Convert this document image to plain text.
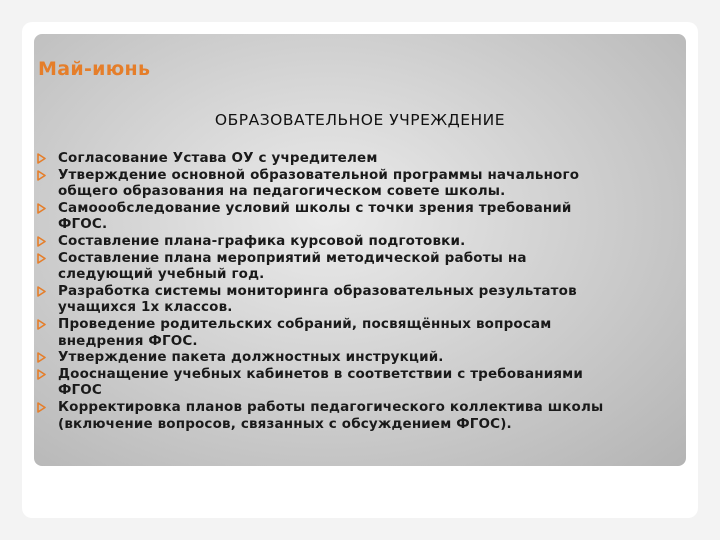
Май-июнь
ОБРАЗОВАТЕЛЬНОЕ УЧРЕЖДЕНИЕ
Согласование Устава ОУ с учредителем
Утверждение основной образовательной программы начального
общего образования на педагогическом совете школы.
Самоообследование условий школы с точки зрения требований
ФГОС.
Составление плана-графика курсовой подготовки.
Составление плана мероприятий методической работы на
следующий учебный год.
Разработка системы мониторинга образовательных результатов
учащихся 1х классов.
Проведение родительских собраний, посвящённых вопросам
внедрения ФГОС.
Утверждение пакета должностных инструкций.
Дооснащение учебных кабинетов в соответствии с требованиями
ФГОС
Корректировка планов работы педагогического коллектива школы
(включение вопросов, связанных с обсуждением ФГОС).
